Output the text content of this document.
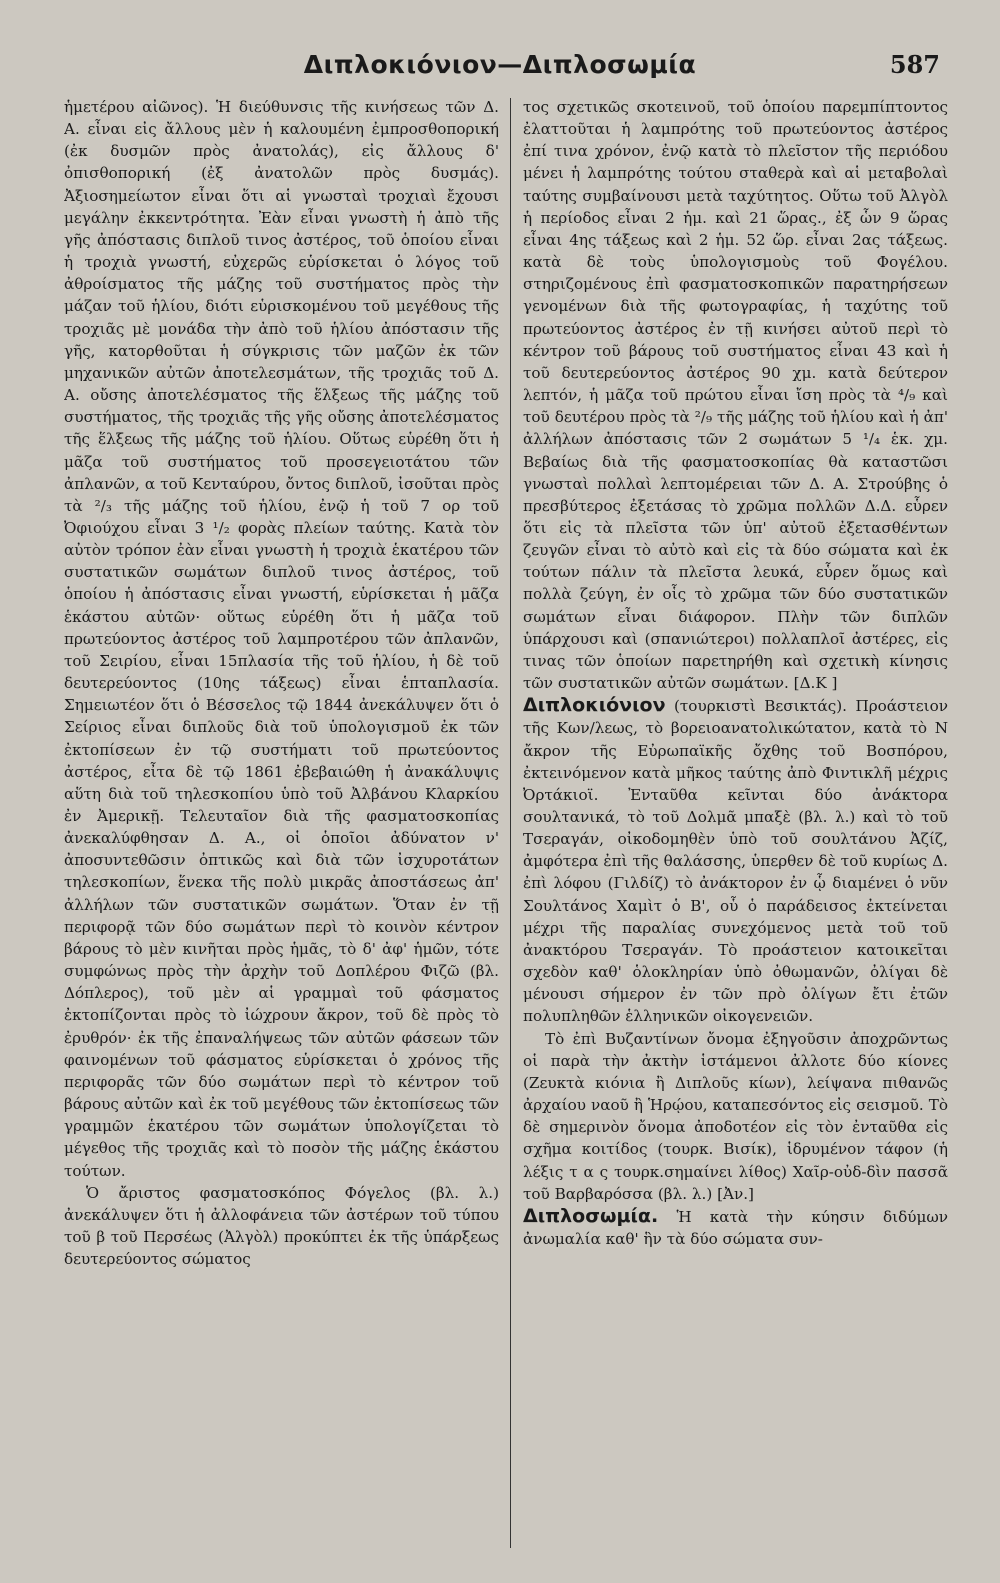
Διπλοκιόνιον—Διπλοσωμία	587

ἡμετέρου αἰῶνος). Ἡ διεύθυνσις τῆς κινήσεως τῶν Δ. Α. εἶναι εἰς ἄλλους μὲν ἡ καλουμένη ἐμπροσθοπορική (ἐκ δυσμῶν πρὸς ἀνατολάς), εἰς ἄλλους δ' ὀπισθοπορική (ἐξ ἀνατολῶν πρὸς δυσμάς). Ἀξιοσημείωτον εἶναι ὅτι αἱ γνωσταὶ τροχιαὶ ἔχουσι μεγάλην ἐκκεντρότητα. Ἐὰν εἶναι γνωστὴ ἡ ἀπὸ τῆς γῆς ἀπόστασις διπλοῦ τινος ἀστέρος, τοῦ ὁποίου εἶναι ἡ τροχιὰ γνωστή, εὐχερῶς εὑρίσκεται ὁ λόγος τοῦ ἀθροίσματος τῆς μάζης τοῦ συστήματος πρὸς τὴν μάζαν τοῦ ἡλίου, διότι εὑρισκομένου τοῦ μεγέθους τῆς τροχιᾶς μὲ μονάδα τὴν ἀπὸ τοῦ ἡλίου ἀπόστασιν τῆς γῆς, κατορθοῦται ἡ σύγκρισις τῶν μαζῶν ἐκ τῶν μηχανικῶν αὐτῶν ἀποτελεσμάτων, τῆς τροχιᾶς τοῦ Δ. Α. οὔσης ἀποτελέσματος τῆς ἕλξεως τῆς μάζης τοῦ συστήματος, τῆς τροχιᾶς τῆς γῆς οὔσης ἀποτελέσματος τῆς ἕλξεως τῆς μάζης τοῦ ἡλίου. Οὕτως εὑρέθη ὅτι ἡ μᾶζα τοῦ συστήματος τοῦ προσεγειοτάτου τῶν ἀπλανῶν, α τοῦ Κενταύρου, ὄντος διπλοῦ, ἰσοῦται πρὸς τὰ ²/₃ τῆς μάζης τοῦ ἡλίου, ἐνῷ ἡ τοῦ 7 ορ τοῦ Ὀφιούχου εἶναι 3 ¹/₂ φορὰς πλείων ταύτης. Κατὰ τὸν αὐτὸν τρόπον ἐὰν εἶναι γνωστὴ ἡ τροχιὰ ἑκατέρου τῶν συστατικῶν σωμάτων διπλοῦ τινος ἀστέρος, τοῦ ὁποίου ἡ ἀπόστασις εἶναι γνωστή, εὑρίσκεται ἡ μᾶζα ἑκάστου αὐτῶν· οὕτως εὑρέθη ὅτι ἡ μᾶζα τοῦ πρωτεύοντος ἀστέρος τοῦ λαμπροτέρου τῶν ἀπλανῶν, τοῦ Σειρίου, εἶναι 15πλασία τῆς τοῦ ἡλίου, ἡ δὲ τοῦ δευτερεύοντος (10ης τάξεως) εἶναι ἑπταπλασία. Σημειωτέον ὅτι ὁ Βέσσελος τῷ 1844 ἀνεκάλυψεν ὅτι ὁ Σείριος εἶναι διπλοῦς διὰ τοῦ ὑπολογισμοῦ ἐκ τῶν ἐκτοπίσεων ἐν τῷ συστήματι τοῦ πρωτεύοντος ἀστέρος, εἶτα δὲ τῷ 1861 ἐβεβαιώθη ἡ ἀνακάλυψις αὕτη διὰ τοῦ τηλεσκοπίου ὑπὸ τοῦ Ἀλβάνου Κλαρκίου ἐν Ἀμερικῇ. Τελευταῖον διὰ τῆς φασματοσκοπίας ἀνεκαλύφθησαν Δ. Α., οἱ ὁποῖοι ἀδύνατον ν' ἀποσυντεθῶσιν ὀπτικῶς καὶ διὰ τῶν ἰσχυροτάτων τηλεσκοπίων, ἕνεκα τῆς πολὺ μικρᾶς ἀποστάσεως ἀπ' ἀλλήλων τῶν συστατικῶν σωμάτων. Ὅταν ἐν τῇ περιφορᾷ τῶν δύο σωμάτων περὶ τὸ κοινὸν κέντρον βάρους τὸ μὲν κινῆται πρὸς ἡμᾶς, τὸ δ' ἀφ' ἡμῶν, τότε συμφώνως πρὸς τὴν ἀρχὴν τοῦ Δοπλέρου Φιζῶ (βλ. Δόπλερος), τοῦ μὲν αἱ γραμμαὶ τοῦ φάσματος ἐκτοπίζονται πρὸς τὸ ἰώχρουν ἄκρον, τοῦ δὲ πρὸς τὸ ἐρυθρόν· ἐκ τῆς ἐπαναλήψεως τῶν αὐτῶν φάσεων τῶν φαινομένων τοῦ φάσματος εὑρίσκεται ὁ χρόνος τῆς περιφορᾶς τῶν δύο σωμάτων περὶ τὸ κέντρον τοῦ βάρους αὐτῶν καὶ ἐκ τοῦ μεγέθους τῶν ἐκτοπίσεως τῶν γραμμῶν ἑκατέρου τῶν σωμάτων ὑπολογίζεται τὸ μέγεθος τῆς τροχιᾶς καὶ τὸ ποσὸν τῆς μάζης ἑκάστου τούτων.

Ὁ ἄριστος φασματοσκόπος Φόγελος (βλ. λ.) ἀνεκάλυψεν ὅτι ἡ ἀλλοφάνεια τῶν ἀστέρων τοῦ τύπου τοῦ β τοῦ Περσέως (Ἀλγὸλ) προκύπτει ἐκ τῆς ὑπάρξεως δευτερεύοντος σώματος

τος σχετικῶς σκοτεινοῦ, τοῦ ὁποίου παρεμπίπτοντος ἐλαττοῦται ἡ λαμπρότης τοῦ πρωτεύοντος ἀστέρος ἐπί τινα χρόνον, ἐνῷ κατὰ τὸ πλεῖστον τῆς περιόδου μένει ἡ λαμπρότης τούτου σταθερὰ καὶ αἱ μεταβολαὶ ταύτης συμβαίνουσι μετὰ ταχύτητος. Οὕτω τοῦ Ἀλγὸλ ἡ περίοδος εἶναι 2 ἡμ. καὶ 21 ὥρας., ἐξ ὧν 9 ὥρας εἶναι 4ης τάξεως καὶ 2 ἡμ. 52 ὥρ. εἶναι 2ας τάξεως. κατὰ δὲ τοὺς ὑπολογισμοὺς τοῦ Φογέλου. στηριζομένους ἐπὶ φασματοσκοπικῶν παρατηρήσεων γενομένων διὰ τῆς φωτογραφίας, ἡ ταχύτης τοῦ πρωτεύοντος ἀστέρος ἐν τῇ κινήσει αὐτοῦ περὶ τὸ κέντρον τοῦ βάρους τοῦ συστήματος εἶναι 43 καὶ ἡ τοῦ δευτερεύοντος ἀστέρος 90 χμ. κατὰ δεύτερον λεπτόν, ἡ μᾶζα τοῦ πρώτου εἶναι ἴση πρὸς τὰ ⁴/₉ καὶ τοῦ δευτέρου πρὸς τὰ ²/₉ τῆς μάζης τοῦ ἡλίου καὶ ἡ ἀπ' ἀλλήλων ἀπόστασις τῶν 2 σωμάτων 5 ¹/₄ ἑκ. χμ. Βεβαίως διὰ τῆς φασματοσκοπίας θὰ καταστῶσι γνωσταὶ πολλαὶ λεπτομέρειαι τῶν Δ. Α. Στρούβης ὁ πρεσβύτερος ἐξετάσας τὸ χρῶμα πολλῶν Δ.Δ. εὗρεν ὅτι εἰς τὰ πλεῖστα τῶν ὑπ' αὐτοῦ ἐξετασθέντων ζευγῶν εἶναι τὸ αὐτὸ καὶ εἰς τὰ δύο σώματα καὶ ἐκ τούτων πάλιν τὰ πλεῖστα λευκά, εὗρεν ὅμως καὶ πολλὰ ζεύγη, ἐν οἷς τὸ χρῶμα τῶν δύο συστατικῶν σωμάτων εἶναι διάφορον. Πλὴν τῶν διπλῶν ὑπάρχουσι καὶ (σπανιώτεροι) πολλαπλοῖ ἀστέρες, εἰς τινας τῶν ὁποίων παρετηρήθη καὶ σχετικὴ κίνησις τῶν συστατικῶν αὐτῶν σωμάτων. [Δ.Κ ]

Διπλοκιόνιον (τουρκιστὶ Βεσικτάς). Προάστειον τῆς Κων/λεως, τὸ βορειοανατολικώτατον, κατὰ τὸ Ν ἄκρον τῆς Εὐρωπαϊκῆς ὄχθης τοῦ Βοσπόρου, ἐκτεινόμενον κατὰ μῆκος ταύτης ἀπὸ Φιντικλῆ μέχρις Ὀρτάκιοϊ. Ἐνταῦθα κεῖνται δύο ἀνάκτορα σουλτανικά, τὸ τοῦ Δολμᾶ μπαξὲ (βλ. λ.) καὶ τὸ τοῦ Τσεραγάν, οἰκοδομηθὲν ὑπὸ τοῦ σουλτάνου Ἀζίζ, ἀμφότερα ἐπὶ τῆς θαλάσσης, ὑπερθεν δὲ τοῦ κυρίως Δ. ἐπὶ λόφου (Γιλδίζ) τὸ ἀνάκτορον ἐν ᾧ διαμένει ὁ νῦν Σουλτάνος Χαμὶτ ὁ Β', οὗ ὁ παράδεισος ἐκτείνεται μέχρι τῆς παραλίας συνεχόμενος μετὰ τοῦ τοῦ ἀνακτόρου Τσεραγάν. Τὸ προάστειον κατοικεῖται σχεδὸν καθ' ὁλοκληρίαν ὑπὸ ὀθωμανῶν, ὀλίγαι δὲ μένουσι σήμερον ἐν τῶν πρὸ ὀλίγων ἔτι ἐτῶν πολυπληθῶν ἑλληνικῶν οἰκογενειῶν.

Τὸ ἐπὶ Βυζαντίνων ὄνομα ἐξηγοῦσιν ἀποχρῶντως οἱ παρὰ τὴν ἀκτὴν ἱστάμενοι ἀλλοτε δύο κίονες (Ζευκτὰ κιόνια ἢ Διπλοῦς κίων), λείψανα πιθανῶς ἀρχαίου ναοῦ ἢ Ἡρῴου, καταπεσόντος εἰς σεισμοῦ. Τὸ δὲ σημερινὸν ὄνομα ἀποδοτέον εἰς τὸν ἐνταῦθα εἰς σχῆμα κοιτίδος (τουρκ. Βισίκ), ἱδρυμένον τάφον (ἡ λέξις τ α ς τουρκ.σημαίνει λίθος) Χαῖρ-οὐδ-δὶν πασσᾶ τοῦ Βαρβαρόσσα (βλ. λ.) [Ἀν.]

Διπλοσωμία. Ἡ κατὰ τὴν κύησιν διδύμων ἀνωμαλία καθ' ἣν τὰ δύο σώματα συν-
